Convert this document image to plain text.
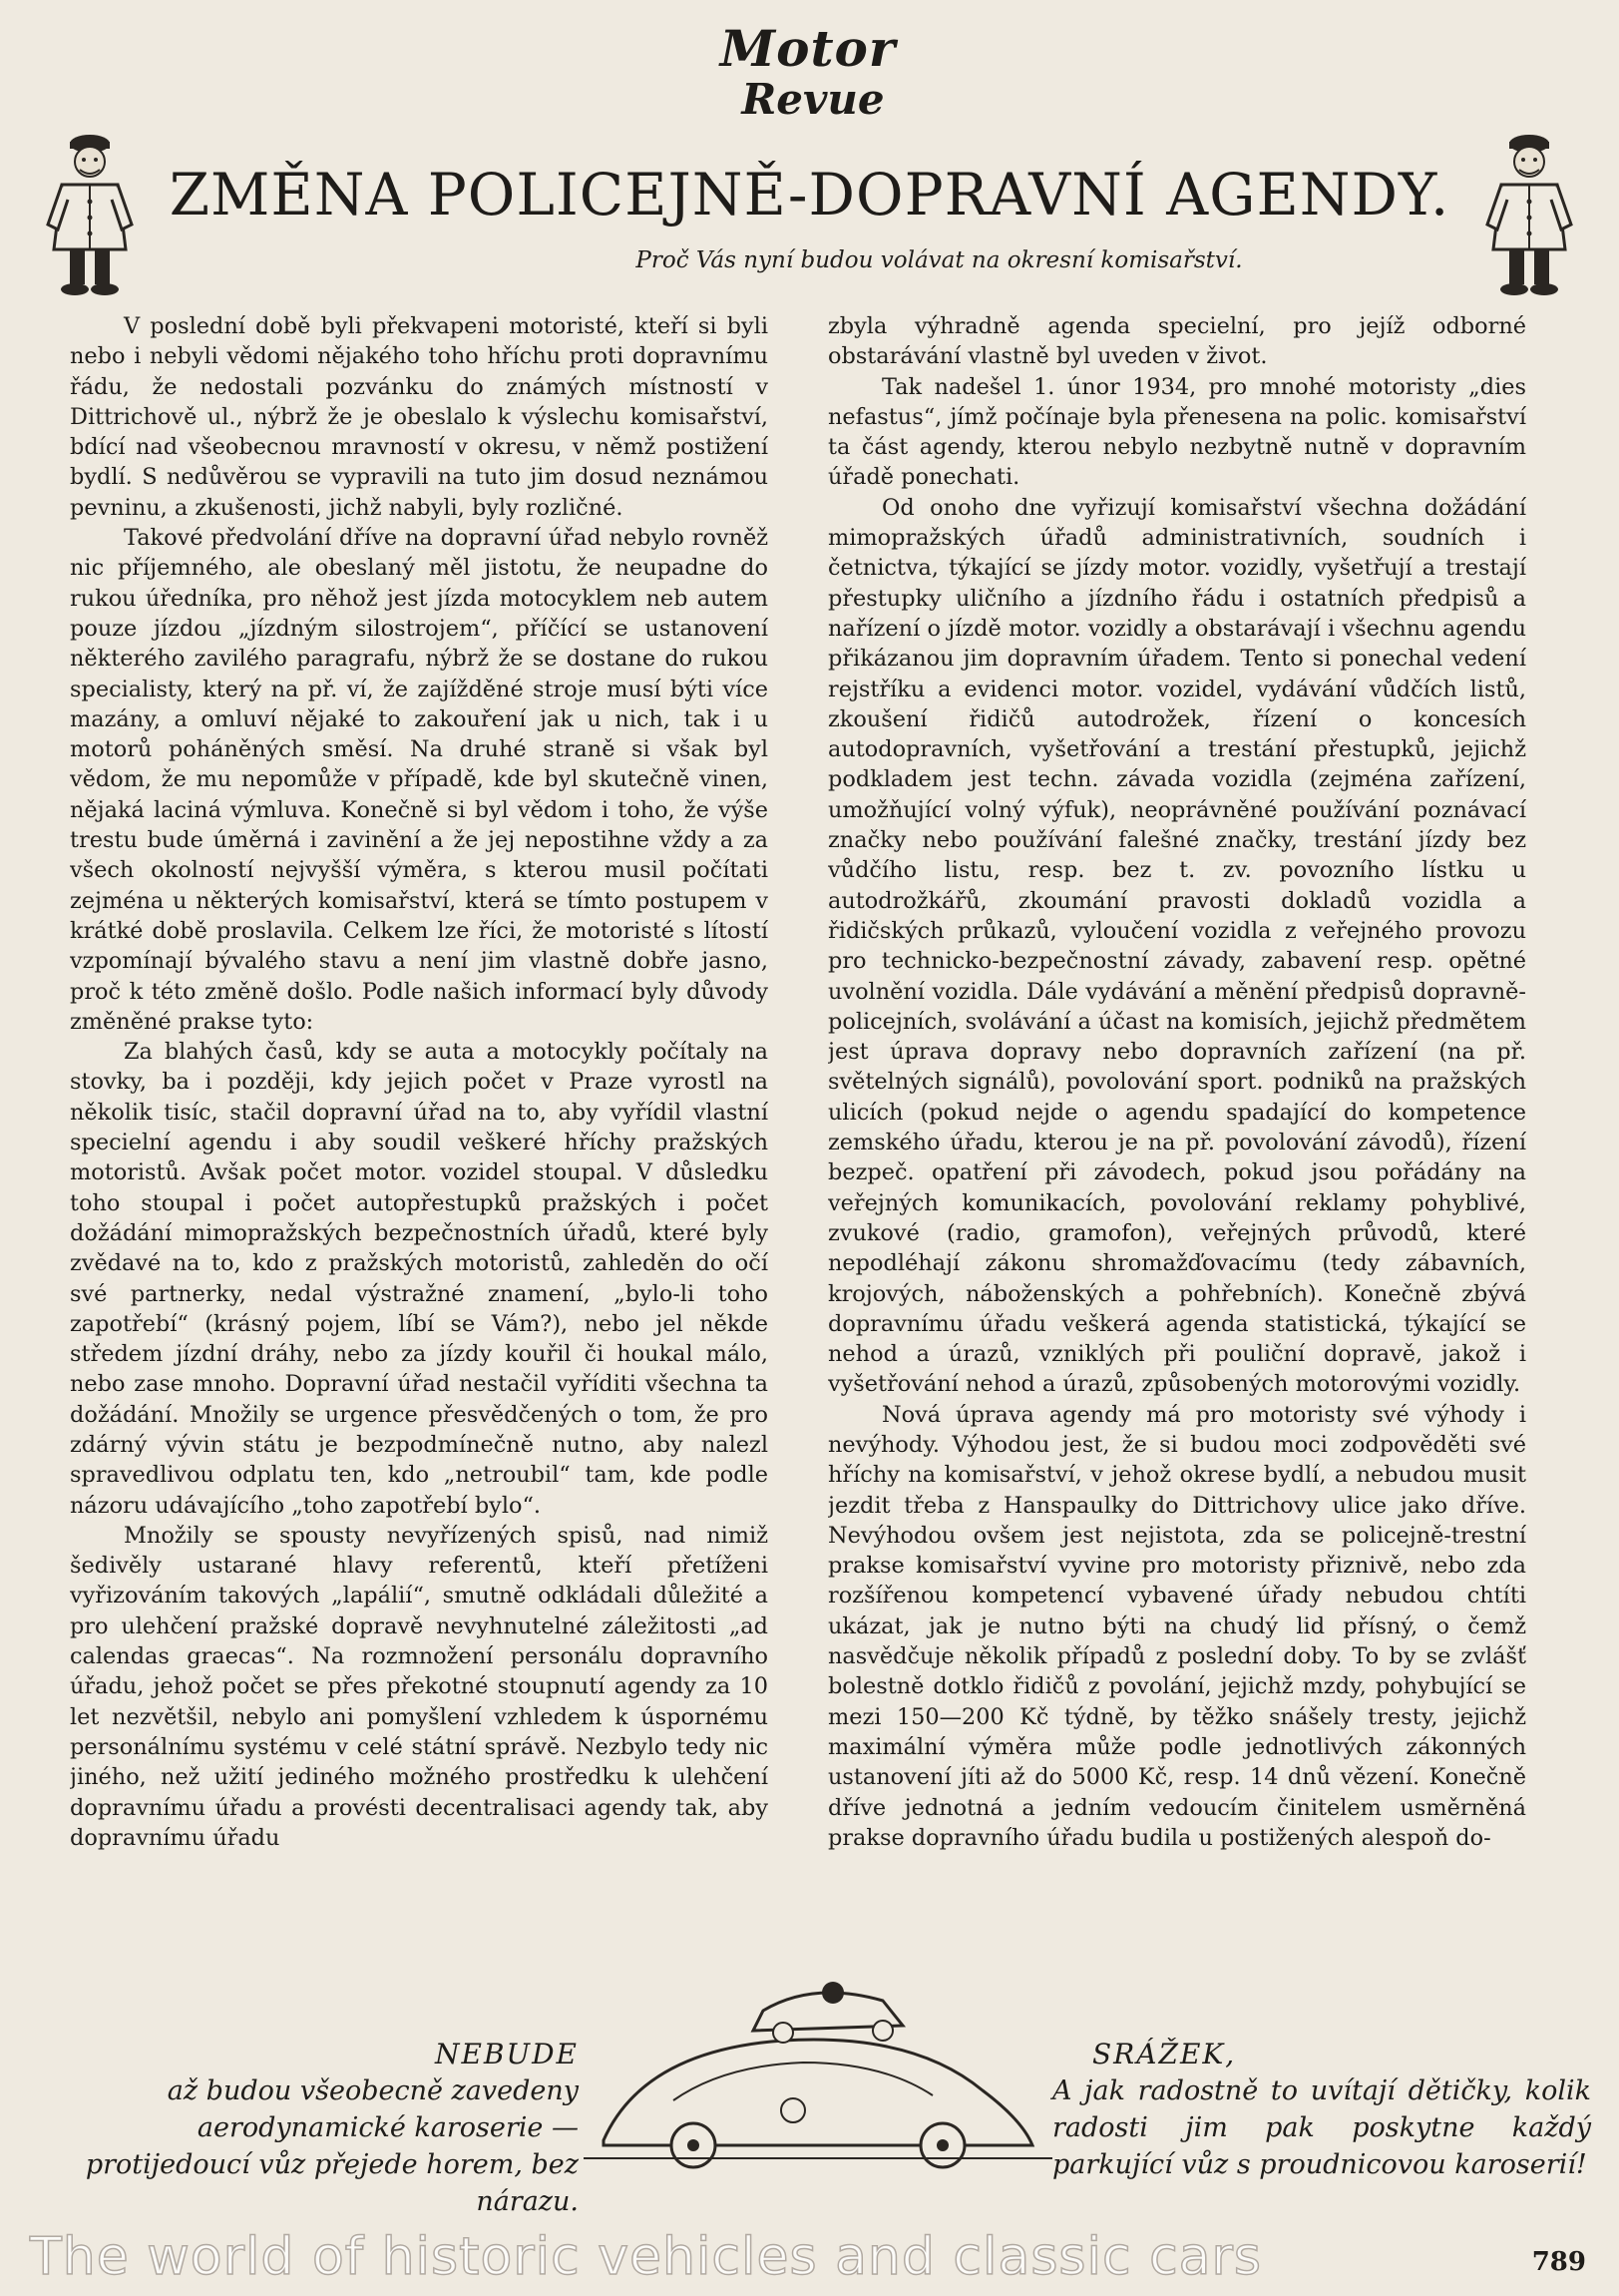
Motor
Revue
ZMĚNA POLICEJNĚ-DOPRAVNÍ AGENDY.

Proč Vás nyní budou volávat na okresní komisařství.

V poslední době byli překvapeni motoristé, kteří si byli nebo i nebyli vědomi nějakého toho hříchu proti dopravnímu řádu, že nedostali pozvánku do známých místností v Dittrichově ul., nýbrž že je obeslalo k výslechu komisařství, bdící nad všeobecnou mravností v okresu, v němž postižení bydlí. S nedůvěrou se vypravili na tuto jim dosud neznámou pevninu, a zkušenosti, jichž nabyli, byly rozličné.

Takové předvolání dříve na dopravní úřad nebylo rovněž nic příjemného, ale obeslaný měl jistotu, že neupadne do rukou úředníka, pro něhož jest jízda motocyklem neb autem pouze jízdou „jízdným silostrojem“, příčící se ustanovení některého zavilého paragrafu, nýbrž že se dostane do rukou specialisty, který na př. ví, že zajížděné stroje musí býti více mazány, a omluví nějaké to zakouření jak u nich, tak i u motorů poháněných směsí. Na druhé straně si však byl vědom, že mu nepomůže v případě, kde byl skutečně vinen, nějaká laciná výmluva. Konečně si byl vědom i toho, že výše trestu bude úměrná i zavinění a že jej nepostihne vždy a za všech okolností nejvyšší výměra, s kterou musil počítati zejména u některých komisařství, která se tímto postupem v krátké době proslavila. Celkem lze říci, že motoristé s lítostí vzpomínají bývalého stavu a není jim vlastně dobře jasno, proč k této změně došlo. Podle našich informací byly důvody změněné prakse tyto:

Za blahých časů, kdy se auta a motocykly počítaly na stovky, ba i později, kdy jejich počet v Praze vyrostl na několik tisíc, stačil dopravní úřad na to, aby vyřídil vlastní specielní agendu i aby soudil veškeré hříchy pražských motoristů. Avšak počet motor. vozidel stoupal. V důsledku toho stoupal i počet autopřestupků pražských i počet dožádání mimopražských bezpečnostních úřadů, které byly zvědavé na to, kdo z pražských motoristů, zahleděn do očí své partnerky, nedal výstražné znamení, „bylo-li toho zapotřebí“ (krásný pojem, líbí se Vám?), nebo jel někde středem jízdní dráhy, nebo za jízdy kouřil či houkal málo, nebo zase mnoho. Dopravní úřad nestačil vyříditi všechna ta dožádání. Množily se urgence přesvědčených o tom, že pro zdárný vývin státu je bezpodmínečně nutno, aby nalezl spravedlivou odplatu ten, kdo „netroubil“ tam, kde podle názoru udávajícího „toho zapotřebí bylo“.

Množily se spousty nevyřízených spisů, nad nimiž šedivěly ustarané hlavy referentů, kteří přetíženi vyřizováním takových „lapálií“, smutně odkládali důležité a pro ulehčení pražské dopravě nevyhnutelné záležitosti „ad calendas graecas“. Na rozmnožení personálu dopravního úřadu, jehož počet se přes překotné stoupnutí agendy za 10 let nezvětšil, nebylo ani pomyšlení vzhledem k úspornému personálnímu systému v celé státní správě. Nezbylo tedy nic jiného, než užití jediného možného prostředku k ulehčení dopravnímu úřadu a provésti decentralisaci agendy tak, aby dopravnímu úřadu

zbyla výhradně agenda specielní, pro jejíž odborné obstarávání vlastně byl uveden v život.

Tak nadešel 1. únor 1934, pro mnohé motoristy „dies nefastus“, jímž počínaje byla přenesena na polic. komisařství ta část agendy, kterou nebylo nezbytně nutně v dopravním úřadě ponechati.

Od onoho dne vyřizují komisařství všechna dožádání mimopražských úřadů administrativních, soudních i četnictva, týkající se jízdy motor. vozidly, vyšetřují a trestají přestupky uličního a jízdního řádu i ostatních předpisů a nařízení o jízdě motor. vozidly a obstarávají i všechnu agendu přikázanou jim dopravním úřadem. Tento si ponechal vedení rejstříku a evidenci motor. vozidel, vydávání vůdčích listů, zkoušení řidičů autodrožek, řízení o koncesích autodopravních, vyšetřování a trestání přestupků, jejichž podkladem jest techn. závada vozidla (zejména zařízení, umožňující volný výfuk), neoprávněné používání poznávací značky nebo používání falešné značky, trestání jízdy bez vůdčího listu, resp. bez t. zv. povozního lístku u autodrožkářů, zkoumání pravosti dokladů vozidla a řidičských průkazů, vyloučení vozidla z veřejného provozu pro technicko-bezpečnostní závady, zabavení resp. opětné uvolnění vozidla. Dále vydávání a měnění předpisů dopravně-policejních, svolávání a účast na komisích, jejichž předmětem jest úprava dopravy nebo dopravních zařízení (na př. světelných signálů), povolování sport. podniků na pražských ulicích (pokud nejde o agendu spadající do kompetence zemského úřadu, kterou je na př. povolování závodů), řízení bezpeč. opatření při závodech, pokud jsou pořádány na veřejných komunikacích, povolování reklamy pohyblivé, zvukové (radio, gramofon), veřejných průvodů, které nepodléhají zákonu shromažďovacímu (tedy zábavních, krojových, náboženských a pohřebních). Konečně zbývá dopravnímu úřadu veškerá agenda statistická, týkající se nehod a úrazů, vzniklých při pouliční dopravě, jakož i vyšetřování nehod a úrazů, způsobených motorovými vozidly.

Nová úprava agendy má pro motoristy své výhody i nevýhody. Výhodou jest, že si budou moci zodpověděti své hříchy na komisařství, v jehož okrese bydlí, a nebudou musit jezdit třeba z Hanspaulky do Dittrichovy ulice jako dříve. Nevýhodou ovšem jest nejistota, zda se policejně-trestní prakse komisařství vyvine pro motoristy přiznivě, nebo zda rozšířenou kompetencí vybavené úřady nebudou chtíti ukázat, jak je nutno býti na chudý lid přísný, o čemž nasvědčuje několik případů z poslední doby. To by se zvlášť bolestně dotklo řidičů z povolání, jejichž mzdy, pohybující se mezi 150—200 Kč týdně, by těžko snášely tresty, jejichž maximální výměra může podle jednotlivých zákonných ustanovení jíti až do 5000 Kč, resp. 14 dnů vězení. Konečně dříve jednotná a jedním vedoucím činitelem usměrněná prakse dopravního úřadu budila u postižených alespoň do-

NEBUDE
až budou všeobecně zavedeny aerodynamické karoserie — protijedoucí vůz přejede horem, bez nárazu.
SRÁŽEK,
A jak radostně to uvítají dětičky, kolik radosti jim pak poskytne každý parkující vůz s proudnicovou karoserií!
The world of historic vehicles and classic cars	789
